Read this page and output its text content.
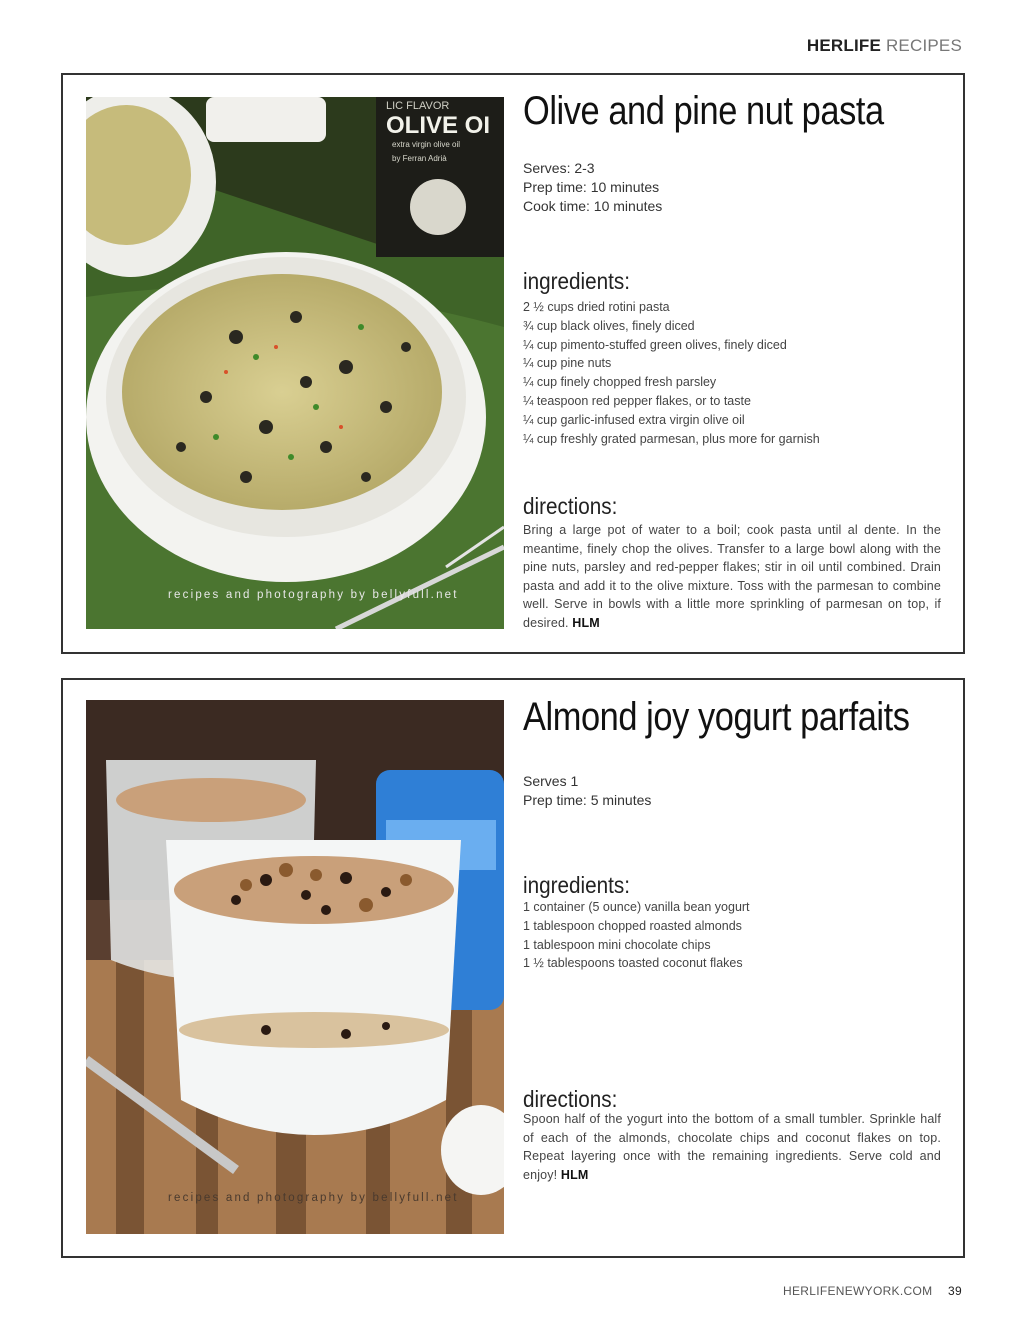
HERLIFE RECIPES
LIC FLAVOR
OLIVE OI
extra virgin olive oil
by Ferran Adrià
recipes and photography by bellyfull.net
Olive and pine nut pasta
Serves: 2-3
Prep time: 10 minutes
Cook time: 10 minutes
ingredients:
2 ½ cups dried rotini pasta
¾ cup black olives, finely diced
¼ cup pimento-stuffed green olives, finely diced
¼ cup pine nuts
¼ cup finely chopped fresh parsley
¼ teaspoon red pepper flakes, or to taste
¼ cup garlic-infused extra virgin olive oil
¼ cup freshly grated parmesan, plus more for garnish
directions:
Bring a large pot of water to a boil; cook pasta until al dente. In the meantime, finely chop the olives. Transfer to a large bowl along with the pine nuts, parsley and red-pepper flakes; stir in oil until combined. Drain pasta and add it to the olive mixture. Toss with the parmesan to combine well. Serve in bowls with a little more sprinkling of parmesan on top, if desired. HLM
recipes and photography by bellyfull.net
Almond joy yogurt parfaits
Serves 1
Prep time: 5 minutes
ingredients:
1 container (5 ounce) vanilla bean yogurt
1 tablespoon chopped roasted almonds
1 tablespoon mini chocolate chips
1 ½ tablespoons toasted coconut flakes
directions:
Spoon half of the yogurt into the bottom of a small tumbler. Sprinkle half of each of the almonds, chocolate chips and coconut flakes on top. Repeat layering once with the remaining ingredients. Serve cold and enjoy! HLM
HERLIFENEWYORK.COM 39
